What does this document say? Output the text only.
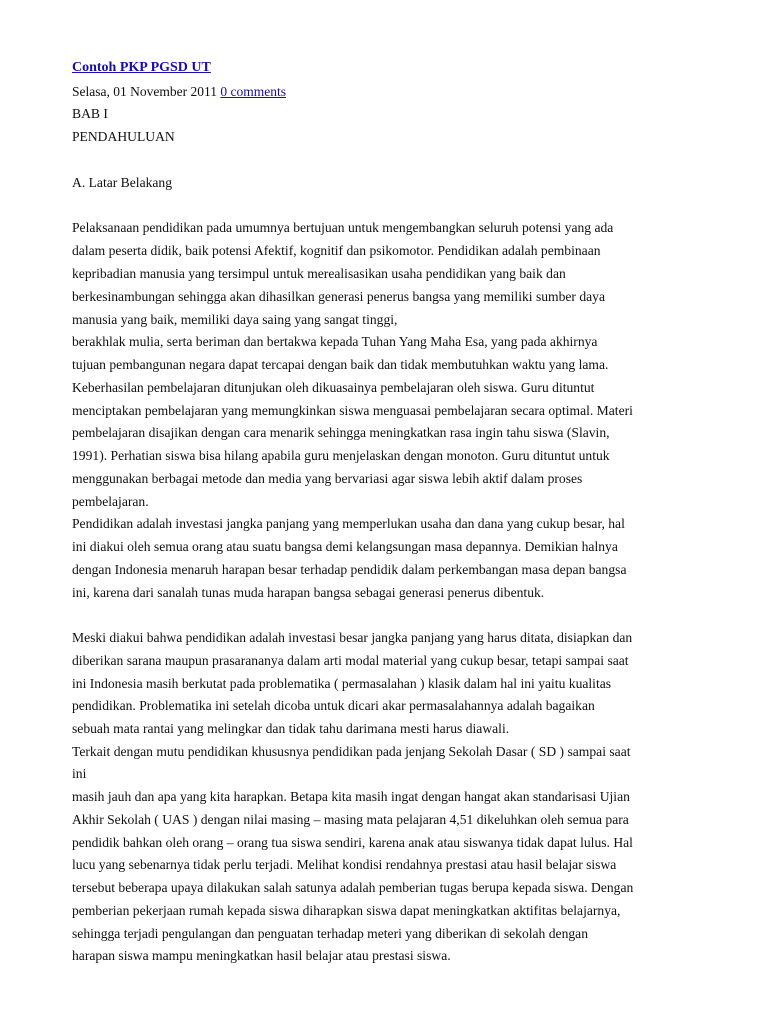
Contoh PKP PGSD UT
Selasa, 01 November 2011 0 comments
BAB I
PENDAHULUAN
A. Latar Belakang
Pelaksanaan pendidikan pada umumnya bertujuan untuk mengembangkan seluruh potensi yang ada
dalam peserta didik, baik potensi Afektif, kognitif dan psikomotor. Pendidikan adalah pembinaan
kepribadian manusia yang tersimpul untuk merealisasikan usaha pendidikan yang baik dan
berkesinambungan sehingga akan dihasilkan generasi penerus bangsa yang memiliki sumber daya
manusia yang baik, memiliki daya saing yang sangat tinggi,
berakhlak mulia, serta beriman dan bertakwa kepada Tuhan Yang Maha Esa, yang pada akhirnya
tujuan pembangunan negara dapat tercapai dengan baik dan tidak membutuhkan waktu yang lama.
Keberhasilan pembelajaran ditunjukan oleh dikuasainya pembelajaran oleh siswa. Guru dituntut
menciptakan pembelajaran yang memungkinkan siswa menguasai pembelajaran secara optimal. Materi
pembelajaran disajikan dengan cara menarik sehingga meningkatkan rasa ingin tahu siswa (Slavin,
1991). Perhatian siswa bisa hilang apabila guru menjelaskan dengan monoton. Guru dituntut untuk
menggunakan berbagai metode dan media yang bervariasi agar siswa lebih aktif dalam proses
pembelajaran.
Pendidikan adalah investasi jangka panjang yang memperlukan usaha dan dana yang cukup besar, hal
ini diakui oleh semua orang atau suatu bangsa demi kelangsungan masa depannya. Demikian halnya
dengan Indonesia menaruh harapan besar terhadap pendidik dalam perkembangan masa depan bangsa
ini, karena dari sanalah tunas muda harapan bangsa sebagai generasi penerus dibentuk.
Meski diakui bahwa pendidikan adalah investasi besar jangka panjang yang harus ditata, disiapkan dan
diberikan sarana maupun prasarananya dalam arti modal material yang cukup besar, tetapi sampai saat
ini Indonesia masih berkutat pada problematika ( permasalahan ) klasik dalam hal ini yaitu kualitas
pendidikan. Problematika ini setelah dicoba untuk dicari akar permasalahannya adalah bagaikan
sebuah mata rantai yang melingkar dan tidak tahu darimana mesti harus diawali.
Terkait dengan mutu pendidikan khususnya pendidikan pada jenjang Sekolah Dasar ( SD ) sampai saat
ini
masih jauh dan apa yang kita harapkan. Betapa kita masih ingat dengan hangat akan standarisasi Ujian
Akhir Sekolah ( UAS ) dengan nilai masing – masing mata pelajaran 4,51 dikeluhkan oleh semua para
pendidik bahkan oleh orang – orang tua siswa sendiri, karena anak atau siswanya tidak dapat lulus. Hal
lucu yang sebenarnya tidak perlu terjadi. Melihat kondisi rendahnya prestasi atau hasil belajar siswa
tersebut beberapa upaya dilakukan salah satunya adalah pemberian tugas berupa kepada siswa. Dengan
pemberian pekerjaan rumah kepada siswa diharapkan siswa dapat meningkatkan aktifitas belajarnya,
sehingga terjadi pengulangan dan penguatan terhadap meteri yang diberikan di sekolah dengan
harapan siswa mampu meningkatkan hasil belajar atau prestasi siswa.
